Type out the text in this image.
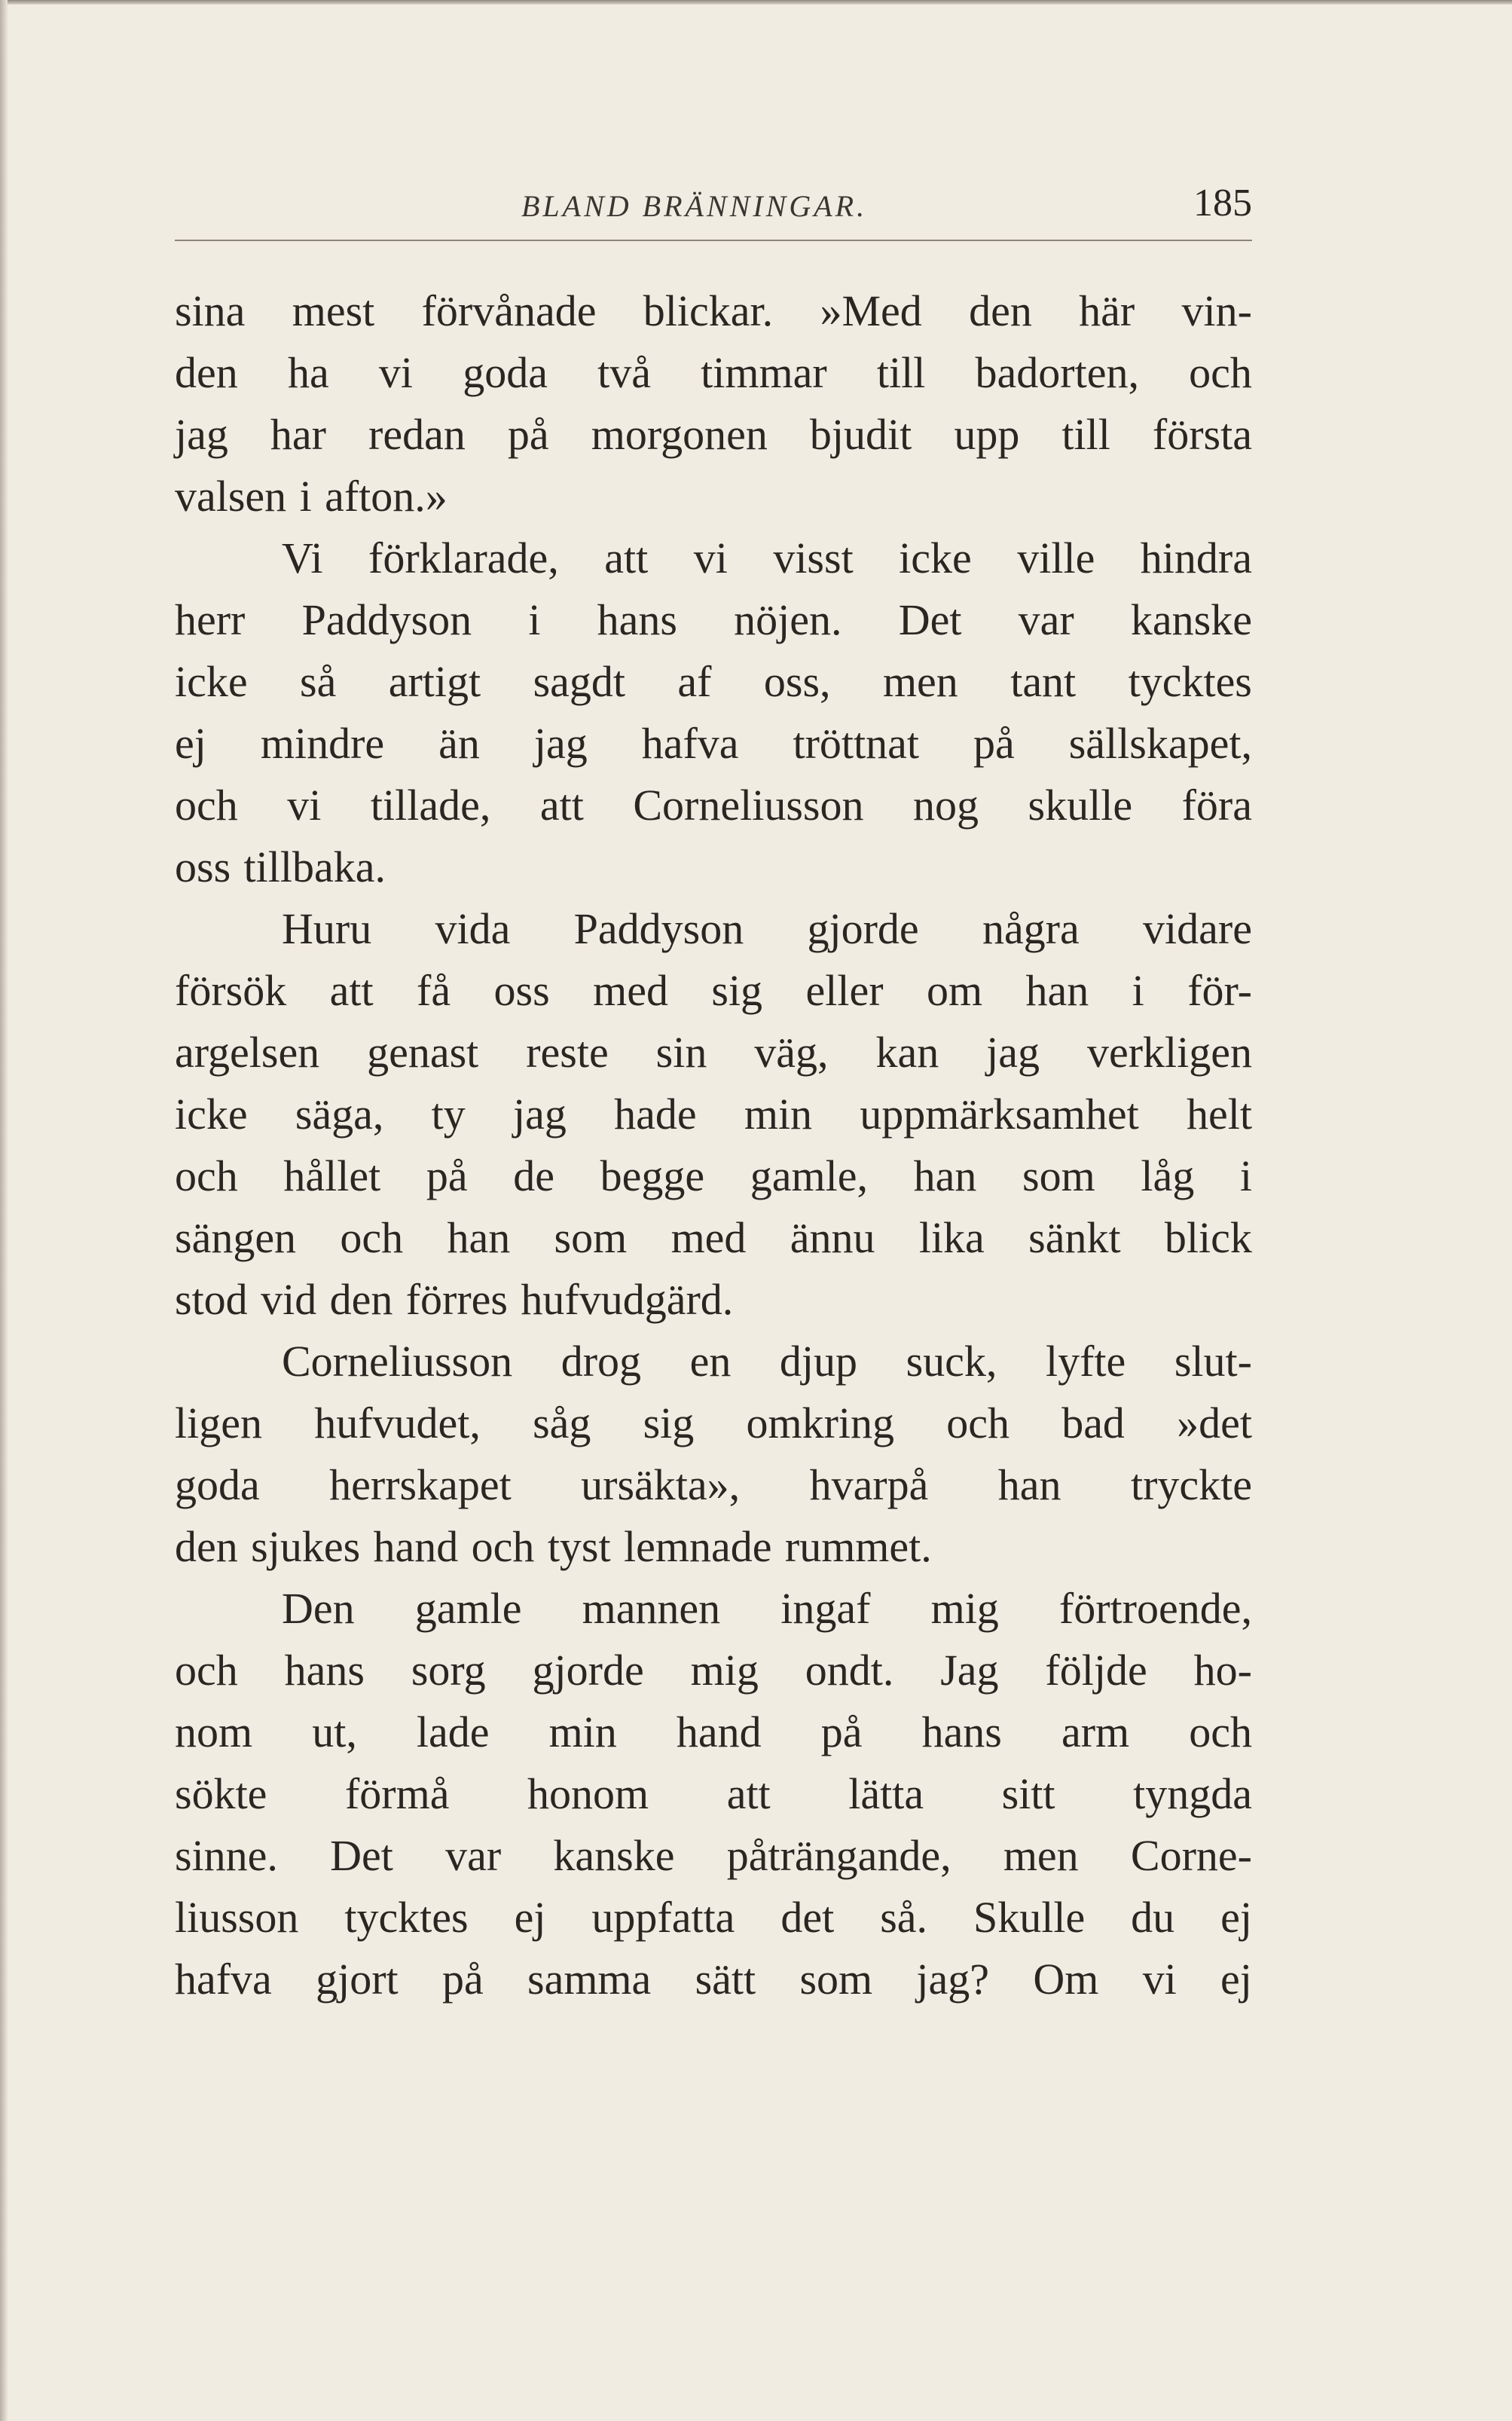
BLAND BRÄNNINGAR.	185
sina mest förvånade blickar. »Med den här vin-
den ha vi goda två timmar till badorten, och
jag har redan på morgonen bjudit upp till första
valsen i afton.»
Vi förklarade, att vi visst icke ville hindra
herr Paddyson i hans nöjen. Det var kanske
icke så artigt sagdt af oss, men tant tycktes
ej mindre än jag hafva tröttnat på sällskapet,
och vi tillade, att Corneliusson nog skulle föra
oss tillbaka.
Huru vida Paddyson gjorde några vidare
försök att få oss med sig eller om han i för-
argelsen genast reste sin väg, kan jag verkligen
icke säga, ty jag hade min uppmärksamhet helt
och hållet på de begge gamle, han som låg i
sängen och han som med ännu lika sänkt blick
stod vid den förres hufvudgärd.
Corneliusson drog en djup suck, lyfte slut-
ligen hufvudet, såg sig omkring och bad »det
goda herrskapet ursäkta», hvarpå han tryckte
den sjukes hand och tyst lemnade rummet.
Den gamle mannen ingaf mig förtroende,
och hans sorg gjorde mig ondt. Jag följde ho-
nom ut, lade min hand på hans arm och
sökte förmå honom att lätta sitt tyngda
sinne. Det var kanske påträngande, men Corne-
liusson tycktes ej uppfatta det så. Skulle du ej
hafva gjort på samma sätt som jag? Om vi ej
